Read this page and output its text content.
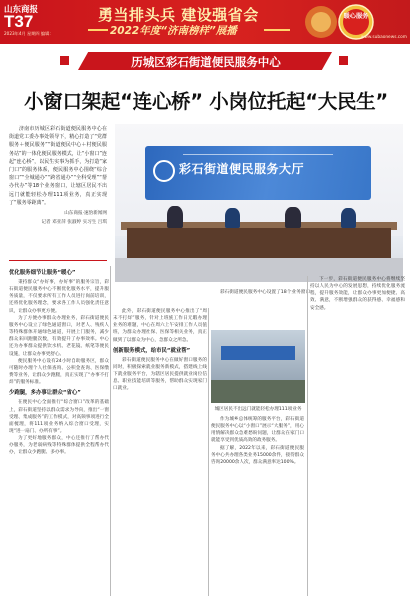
山东商报
T37
2023年4月 星期四 编辑：
勇当排头兵 建设强省会
2022年度“济南榜样”展播
暖心服务
www.subaonews.com
历城区彩石街道便民服务中心
小窗口架起“连心桥” 小岗位托起“大民生”

济南市历城区彩石街道便民服务中心在街道党工委办事处领导下，精心打造了“党群服务＋便民服务”“街道便民中心＋村便民服务站”的一体化便民服务模式，让“小窗口”连起“连心桥”，以民生实事为抓手，为打造“家门口”的服务体系，便民服务中心围绕“综合窗口”“全城通办”“跨省通办”“全科受理”“帮办代办”等18个业务窗口，让辖区居民不出远门就能轻松办理111项业务，真正实现了“服务零距离”。

山东商报·速豹新闻网
记者 邓亚萍 张淑婷 实习生 吕琪
彩石街道便民服务大厅
彩石街道便民服务中心设置了18个业务窗口
优化服务细节让服务“暖心”

秉持群众“办好事，办好事”的服务宗旨，彩石街道便民服务中心不断优化服务水平，提升服务质量，不仅要求所有工作人员进行岗前培训，还将优化服务理念，要求各工作人员强化责任意识，让群众办事更方便。

为了方便办事群众办理业务，彩石街道便民服务中心设立了绿色通道窗口，对老人、残疾人等特殊群体开通绿色通道，开展上门服务，减少群众来回跑腿次数，有效提升了办事效率。中心还为办事群众提供饮水机、老花镜、纸笔等便民设施，让群众办事更舒心。

便民服务中心设有24小时自助服务区，群众可随时办理个人社保查询、公积金查询、医保缴费等业务，让群众少跑腿，真正实现了“办事不打烊”的服务标准。

少跑腿，多办事让群众“省心”

在便民中心全面推行“综合窗口”改革的基础上，彩石街道坚持以群众需求为导向，推出“一窗受理、集成服务”的工作模式，对高频事项进行全面梳理，将111项业务纳入综合窗口受理，实现“进一扇门、办所有事”。

为了更好地服务群众，中心还推行了帮办代办服务，为老弱病残等特殊群体提供全程帮办代办，让群众少跑腿、多办事。

此外，彩石街道便民服务中心推出了“周末不打烊”服务，针对上班族工作日无暇办理业务的难题，中心在周六上午安排工作人员值班，为群众办理社保、医保等相关业务，真正做到了以群众为中心，急群众之所急。

创新服务模式，给市民“就业帮”

彩石街道便民服务中心在做好窗口服务的同时，积极探索就业服务新模式，搭建线上线下就业服务平台，为辖区居民提供就业岗位信息、职业技能培训等服务，帮助群众实现家门口就业。

城区居民不出远门就能轻松办理111项业务

作为城乡总体统筹的服务平台，彩石街道便民服务中心以“小窗口”展示“大服务”，用心用情解决群众急难愁盼问题，让群众在家门口就能享受到优质高效的政务服务。

据了解，2022年以来，彩石街道便民服务中心共办理各类业务15000余件，接待群众咨询20000余人次，群众满意率达100%。

下一步，彩石街道便民服务中心将继续坚持以人民为中心的发展思想，持续优化服务流程，提升服务效能，让群众办事更加便捷、高效、满意，不断增强群众的获得感、幸福感和安全感。
